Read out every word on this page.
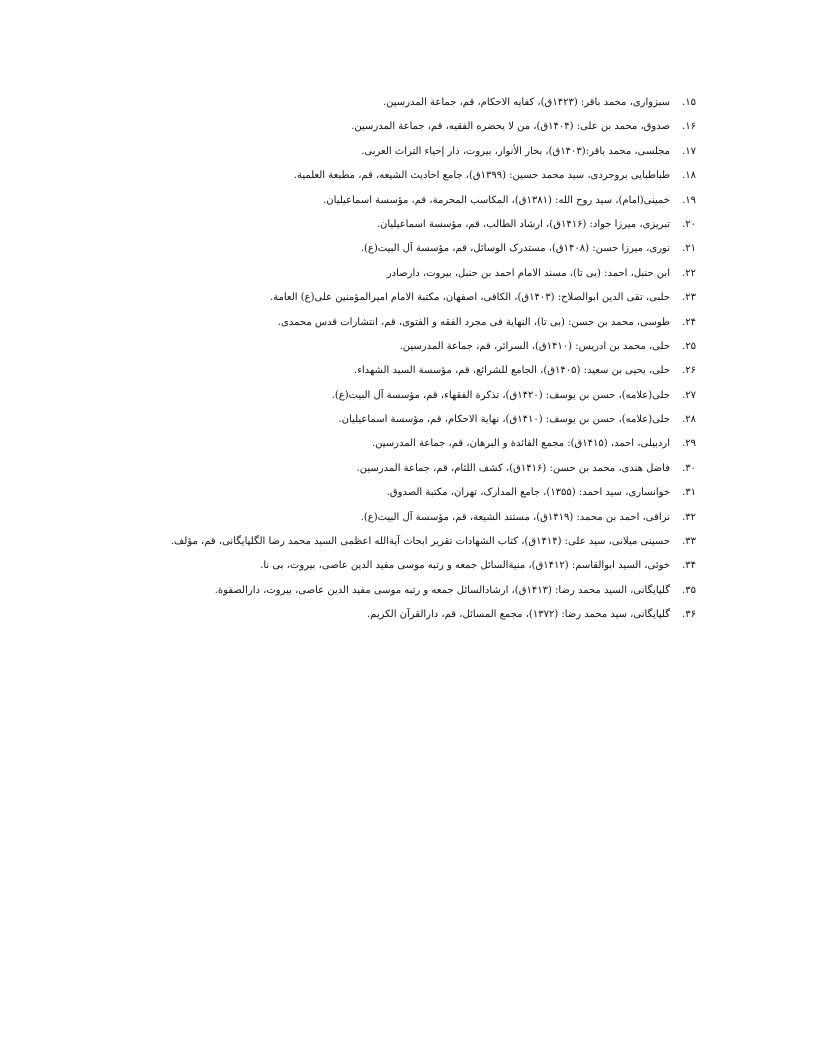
۱۵.
سبزواری، محمد باقر: (۱۴۲۳ق)، کفایه الاحکام، قم، جماعة المدرسین.
۱۶.
صدوق، محمد بن علی: (۱۴۰۴ق)، من لا یحضره الفقیه، قم، جماعة المدرسین.
۱۷.
مجلسی، محمد باقر:(۱۴۰۳ق)، بحار الأنوار، بیروت، دار إحیاء التراث العربی.
۱۸.
طباطبایی بروجردی، سید محمد حسین: (۱۳۹۹ق)، جامع احادیث الشیعه، قم، مطبعة العلمیة.
۱۹.
خمینی(امام)، سید روح الله: (۱۳۸۱ق)، المکاسب المحرمة، قم، مؤسسة اسماعیلیان.
۲۰.
تبریزی، میرزا جواد: (۱۴۱۶ق)، ارشاد الطالب، قم، مؤسسة اسماعیلیان.
۲۱.
نوری، میرزا حسن: (۱۴۰۸ق)، مستدرک الوسائل، قم، مؤسسة آل البیت(ع).
۲۲.
ابن حنبل، احمد: (بی تا)، مسند الامام احمد بن حنبل، بیروت، دارصادر
۲۳.
حلبی، تقی الدین ابوالصلاح: (۱۴۰۳ق)، الکافی، اصفهان، مکتبة الامام امیرالمؤمنین علی(ع) العامة.
۲۴.
طوسی، محمد بن حسن: (بی تا)، النهایة فی مجرد الفقه و الفتوی، قم، انتشارات قدس محمدی.
۲۵.
حلی، محمد بن ادریس: (۱۴۱۰ق)، السرائر، قم، جماعة المدرسین.
۲۶.
حلی، یحیی بن سعید: (۱۴۰۵ق)، الجامع للشرائع، قم، مؤسسة السید الشهداء.
۲۷.
حلی(علامه)، حسن بن یوسف: (۱۴۲۰ق)، تذکرة الفقهاء، قم، مؤسسة آل البیت(ع).
۲۸.
حلی(علامه)، حسن بن یوسف: (۱۴۱۰ق)، نهایة الاحکام، قم، مؤسسة اسماعیلیان.
۲۹.
اردبیلی، احمد، (۱۴۱۵ق): مجمع الفائدة و البرهان، قم، جماعة المدرسین.
۳۰.
فاضل هندی، محمد بن حسن: (۱۴۱۶ق)، کشف اللثام، قم، جماعة المدرسین.
۳۱.
خوانساری، سید احمد: (۱۳۵۵)، جامع المدارک، تهران، مکتبة الصدوق.
۳۲.
نراقی، احمد بن محمد: (۱۴۱۹ق)، مستند الشیعة، قم، مؤسسة آل البیت(ع).
۳۳.
حسینی میلانی، سید علی: (۱۴۱۴ق)، کتاب الشهادات تقریر ابحاث آیةالله اعظمی السید محمد رضا الگلپایگانی، قم، مؤلف.
۳۴.
خوئی، السید ابوالقاسم: (۱۴۱۲ق)، منیةالسائل جمعه و رتبه موسی مفید الدین عاصی، بیروت، بی نا.
۳۵.
گلپایگانی، السید محمد رضا: (۱۴۱۳ق)، ارشادالسائل جمعه و رتبه موسی مفید الدین عاصی، بیروت، دارالصفوة.
۳۶.
گلپایگانی، سید محمد رضا: (۱۳۷۲)، مجمع المسائل، قم، دارالقرآن الکریم.
